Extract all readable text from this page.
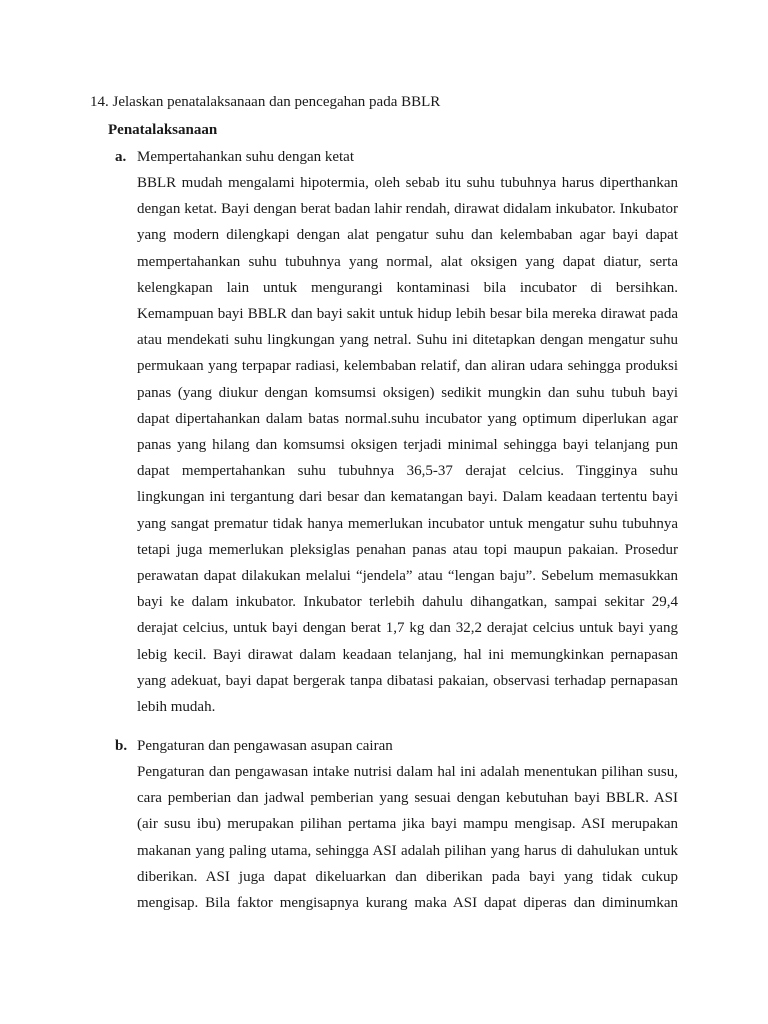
14. Jelaskan penatalaksanaan dan pencegahan pada BBLR
Penatalaksanaan
a. Mempertahankan suhu dengan ketat
BBLR mudah mengalami hipotermia, oleh sebab itu suhu tubuhnya harus diperthankan
dengan ketat. Bayi dengan berat badan lahir rendah, dirawat didalam inkubator. Inkubator
yang modern dilengkapi dengan alat pengatur suhu dan kelembaban agar bayi dapat
mempertahankan suhu tubuhnya yang normal, alat oksigen yang dapat diatur, serta
kelengkapan lain untuk mengurangi kontaminasi bila incubator di bersihkan.
Kemampuan bayi BBLR dan bayi sakit untuk hidup lebih besar bila mereka dirawat pada
atau mendekati suhu lingkungan yang netral. Suhu ini ditetapkan dengan mengatur suhu
permukaan yang terpapar radiasi, kelembaban relatif, dan aliran udara sehingga produksi
panas (yang diukur dengan komsumsi oksigen) sedikit mungkin dan suhu tubuh bayi
dapat dipertahankan dalam batas normal.suhu incubator yang optimum diperlukan agar
panas yang hilang dan komsumsi oksigen terjadi minimal sehingga bayi telanjang pun
dapat mempertahankan suhu tubuhnya 36,5-37 derajat celcius. Tingginya suhu
lingkungan ini tergantung dari besar dan kematangan bayi. Dalam keadaan tertentu bayi
yang sangat prematur tidak hanya memerlukan incubator untuk mengatur suhu tubuhnya
tetapi juga memerlukan pleksiglas penahan panas atau topi maupun pakaian. Prosedur
perawatan dapat dilakukan melalui “jendela” atau “lengan baju”. Sebelum memasukkan
bayi ke dalam inkubator. Inkubator terlebih dahulu dihangatkan, sampai sekitar 29,4
derajat celcius, untuk bayi dengan berat 1,7 kg dan 32,2 derajat celcius untuk bayi yang
lebig kecil. Bayi dirawat dalam keadaan telanjang, hal ini memungkinkan pernapasan
yang adekuat, bayi dapat bergerak tanpa dibatasi pakaian, observasi terhadap pernapasan
lebih mudah.
b. Pengaturan dan pengawasan asupan cairan
Pengaturan dan pengawasan intake nutrisi dalam hal ini adalah menentukan pilihan susu,
cara pemberian dan jadwal pemberian yang sesuai dengan kebutuhan bayi BBLR. ASI
(air susu ibu) merupakan pilihan pertama jika bayi mampu mengisap. ASI merupakan
makanan yang paling utama, sehingga ASI adalah pilihan yang harus di dahulukan untuk
diberikan. ASI juga dapat dikeluarkan dan diberikan pada bayi yang tidak cukup
mengisap. Bila faktor mengisapnya kurang maka ASI dapat diperas dan diminumkan
